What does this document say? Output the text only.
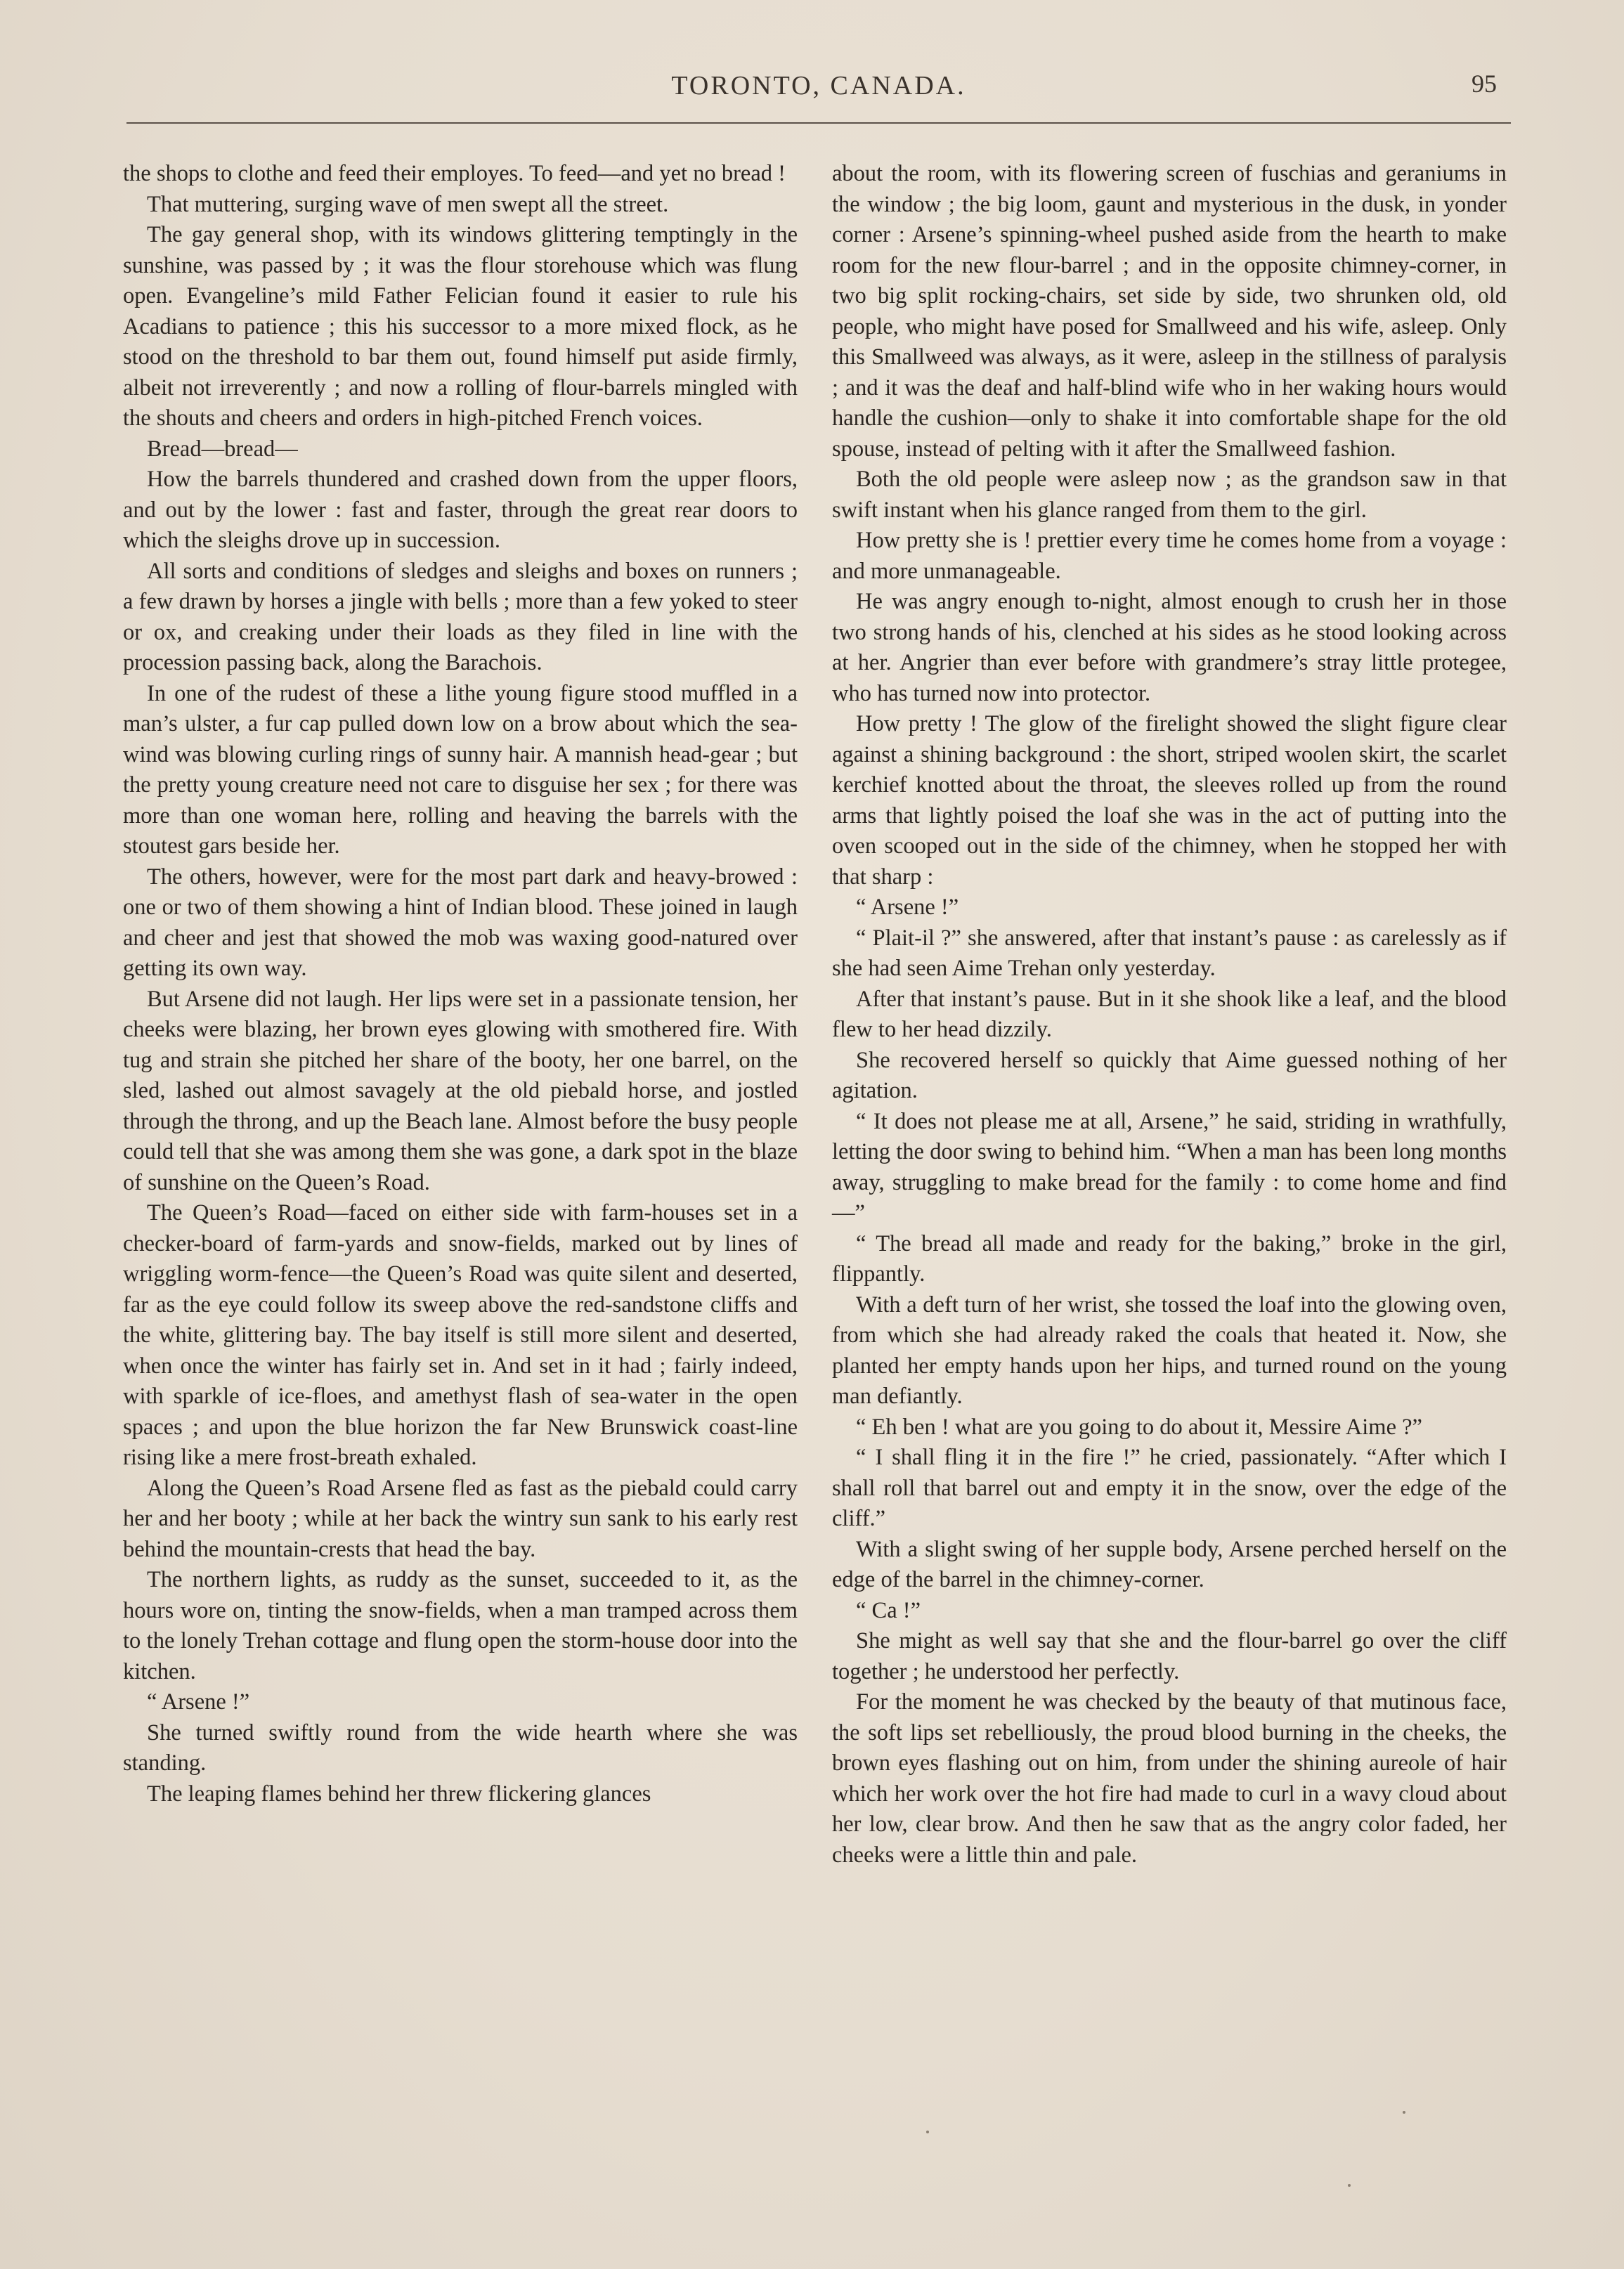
TORONTO, CANADA.	95

the shops to clothe and feed their employes. To feed—and yet no bread !

That muttering, surging wave of men swept all the street.

The gay general shop, with its windows glittering temptingly in the sunshine, was passed by ; it was the flour storehouse which was flung open. Evangeline’s mild Father Felician found it easier to rule his Acadians to patience ; this his successor to a more mixed flock, as he stood on the threshold to bar them out, found himself put aside firmly, albeit not irreverently ; and now a rolling of flour-barrels mingled with the shouts and cheers and orders in high-pitched French voices.

Bread—bread—

How the barrels thundered and crashed down from the upper floors, and out by the lower : fast and faster, through the great rear doors to which the sleighs drove up in succession.

All sorts and conditions of sledges and sleighs and boxes on runners ; a few drawn by horses a jingle with bells ; more than a few yoked to steer or ox, and creaking under their loads as they filed in line with the procession passing back, along the Barachois.

In one of the rudest of these a lithe young figure stood muffled in a man’s ulster, a fur cap pulled down low on a brow about which the sea-wind was blowing curling rings of sunny hair. A mannish head-gear ; but the pretty young creature need not care to disguise her sex ; for there was more than one woman here, rolling and heaving the barrels with the stoutest gars beside her.

The others, however, were for the most part dark and heavy-browed : one or two of them showing a hint of Indian blood. These joined in laugh and cheer and jest that showed the mob was waxing good-natured over getting its own way.

But Arsene did not laugh. Her lips were set in a passionate tension, her cheeks were blazing, her brown eyes glowing with smothered fire. With tug and strain she pitched her share of the booty, her one barrel, on the sled, lashed out almost savagely at the old piebald horse, and jostled through the throng, and up the Beach lane. Almost before the busy people could tell that she was among them she was gone, a dark spot in the blaze of sunshine on the Queen’s Road.

The Queen’s Road—faced on either side with farm-houses set in a checker-board of farm-yards and snow-fields, marked out by lines of wriggling worm-fence—the Queen’s Road was quite silent and deserted, far as the eye could follow its sweep above the red-sandstone cliffs and the white, glittering bay. The bay itself is still more silent and deserted, when once the winter has fairly set in. And set in it had ; fairly indeed, with sparkle of ice-floes, and amethyst flash of sea-water in the open spaces ; and upon the blue horizon the far New Brunswick coast-line rising like a mere frost-breath exhaled.

Along the Queen’s Road Arsene fled as fast as the piebald could carry her and her booty ; while at her back the wintry sun sank to his early rest behind the mountain-crests that head the bay.

The northern lights, as ruddy as the sunset, succeeded to it, as the hours wore on, tinting the snow-fields, when a man tramped across them to the lonely Trehan cottage and flung open the storm-house door into the kitchen.

“ Arsene !”

She turned swiftly round from the wide hearth where she was standing.

The leaping flames behind her threw flickering glances

about the room, with its flowering screen of fuschias and geraniums in the window ; the big loom, gaunt and mysterious in the dusk, in yonder corner : Arsene’s spinning-wheel pushed aside from the hearth to make room for the new flour-barrel ; and in the opposite chimney-corner, in two big split rocking-chairs, set side by side, two shrunken old, old people, who might have posed for Smallweed and his wife, asleep. Only this Smallweed was always, as it were, asleep in the stillness of paralysis ; and it was the deaf and half-blind wife who in her waking hours would handle the cushion—only to shake it into comfortable shape for the old spouse, instead of pelting with it after the Smallweed fashion.

Both the old people were asleep now ; as the grandson saw in that swift instant when his glance ranged from them to the girl.

How pretty she is ! prettier every time he comes home from a voyage : and more unmanageable.

He was angry enough to-night, almost enough to crush her in those two strong hands of his, clenched at his sides as he stood looking across at her. Angrier than ever before with grandmere’s stray little protegee, who has turned now into protector.

How pretty ! The glow of the firelight showed the slight figure clear against a shining background : the short, striped woolen skirt, the scarlet kerchief knotted about the throat, the sleeves rolled up from the round arms that lightly poised the loaf she was in the act of putting into the oven scooped out in the side of the chimney, when he stopped her with that sharp :

“ Arsene !”

“ Plait-il ?” she answered, after that instant’s pause : as carelessly as if she had seen Aime Trehan only yesterday.

After that instant’s pause. But in it she shook like a leaf, and the blood flew to her head dizzily.

She recovered herself so quickly that Aime guessed nothing of her agitation.

“ It does not please me at all, Arsene,” he said, striding in wrathfully, letting the door swing to behind him. “When a man has been long months away, struggling to make bread for the family : to come home and find—”

“ The bread all made and ready for the baking,” broke in the girl, flippantly.

With a deft turn of her wrist, she tossed the loaf into the glowing oven, from which she had already raked the coals that heated it. Now, she planted her empty hands upon her hips, and turned round on the young man defiantly.

“ Eh ben ! what are you going to do about it, Messire Aime ?”

“ I shall fling it in the fire !” he cried, passionately. “After which I shall roll that barrel out and empty it in the snow, over the edge of the cliff.”

With a slight swing of her supple body, Arsene perched herself on the edge of the barrel in the chimney-corner.

“ Ca !”

She might as well say that she and the flour-barrel go over the cliff together ; he understood her perfectly.

For the moment he was checked by the beauty of that mutinous face, the soft lips set rebelliously, the proud blood burning in the cheeks, the brown eyes flashing out on him, from under the shining aureole of hair which her work over the hot fire had made to curl in a wavy cloud about her low, clear brow. And then he saw that as the angry color faded, her cheeks were a little thin and pale.
